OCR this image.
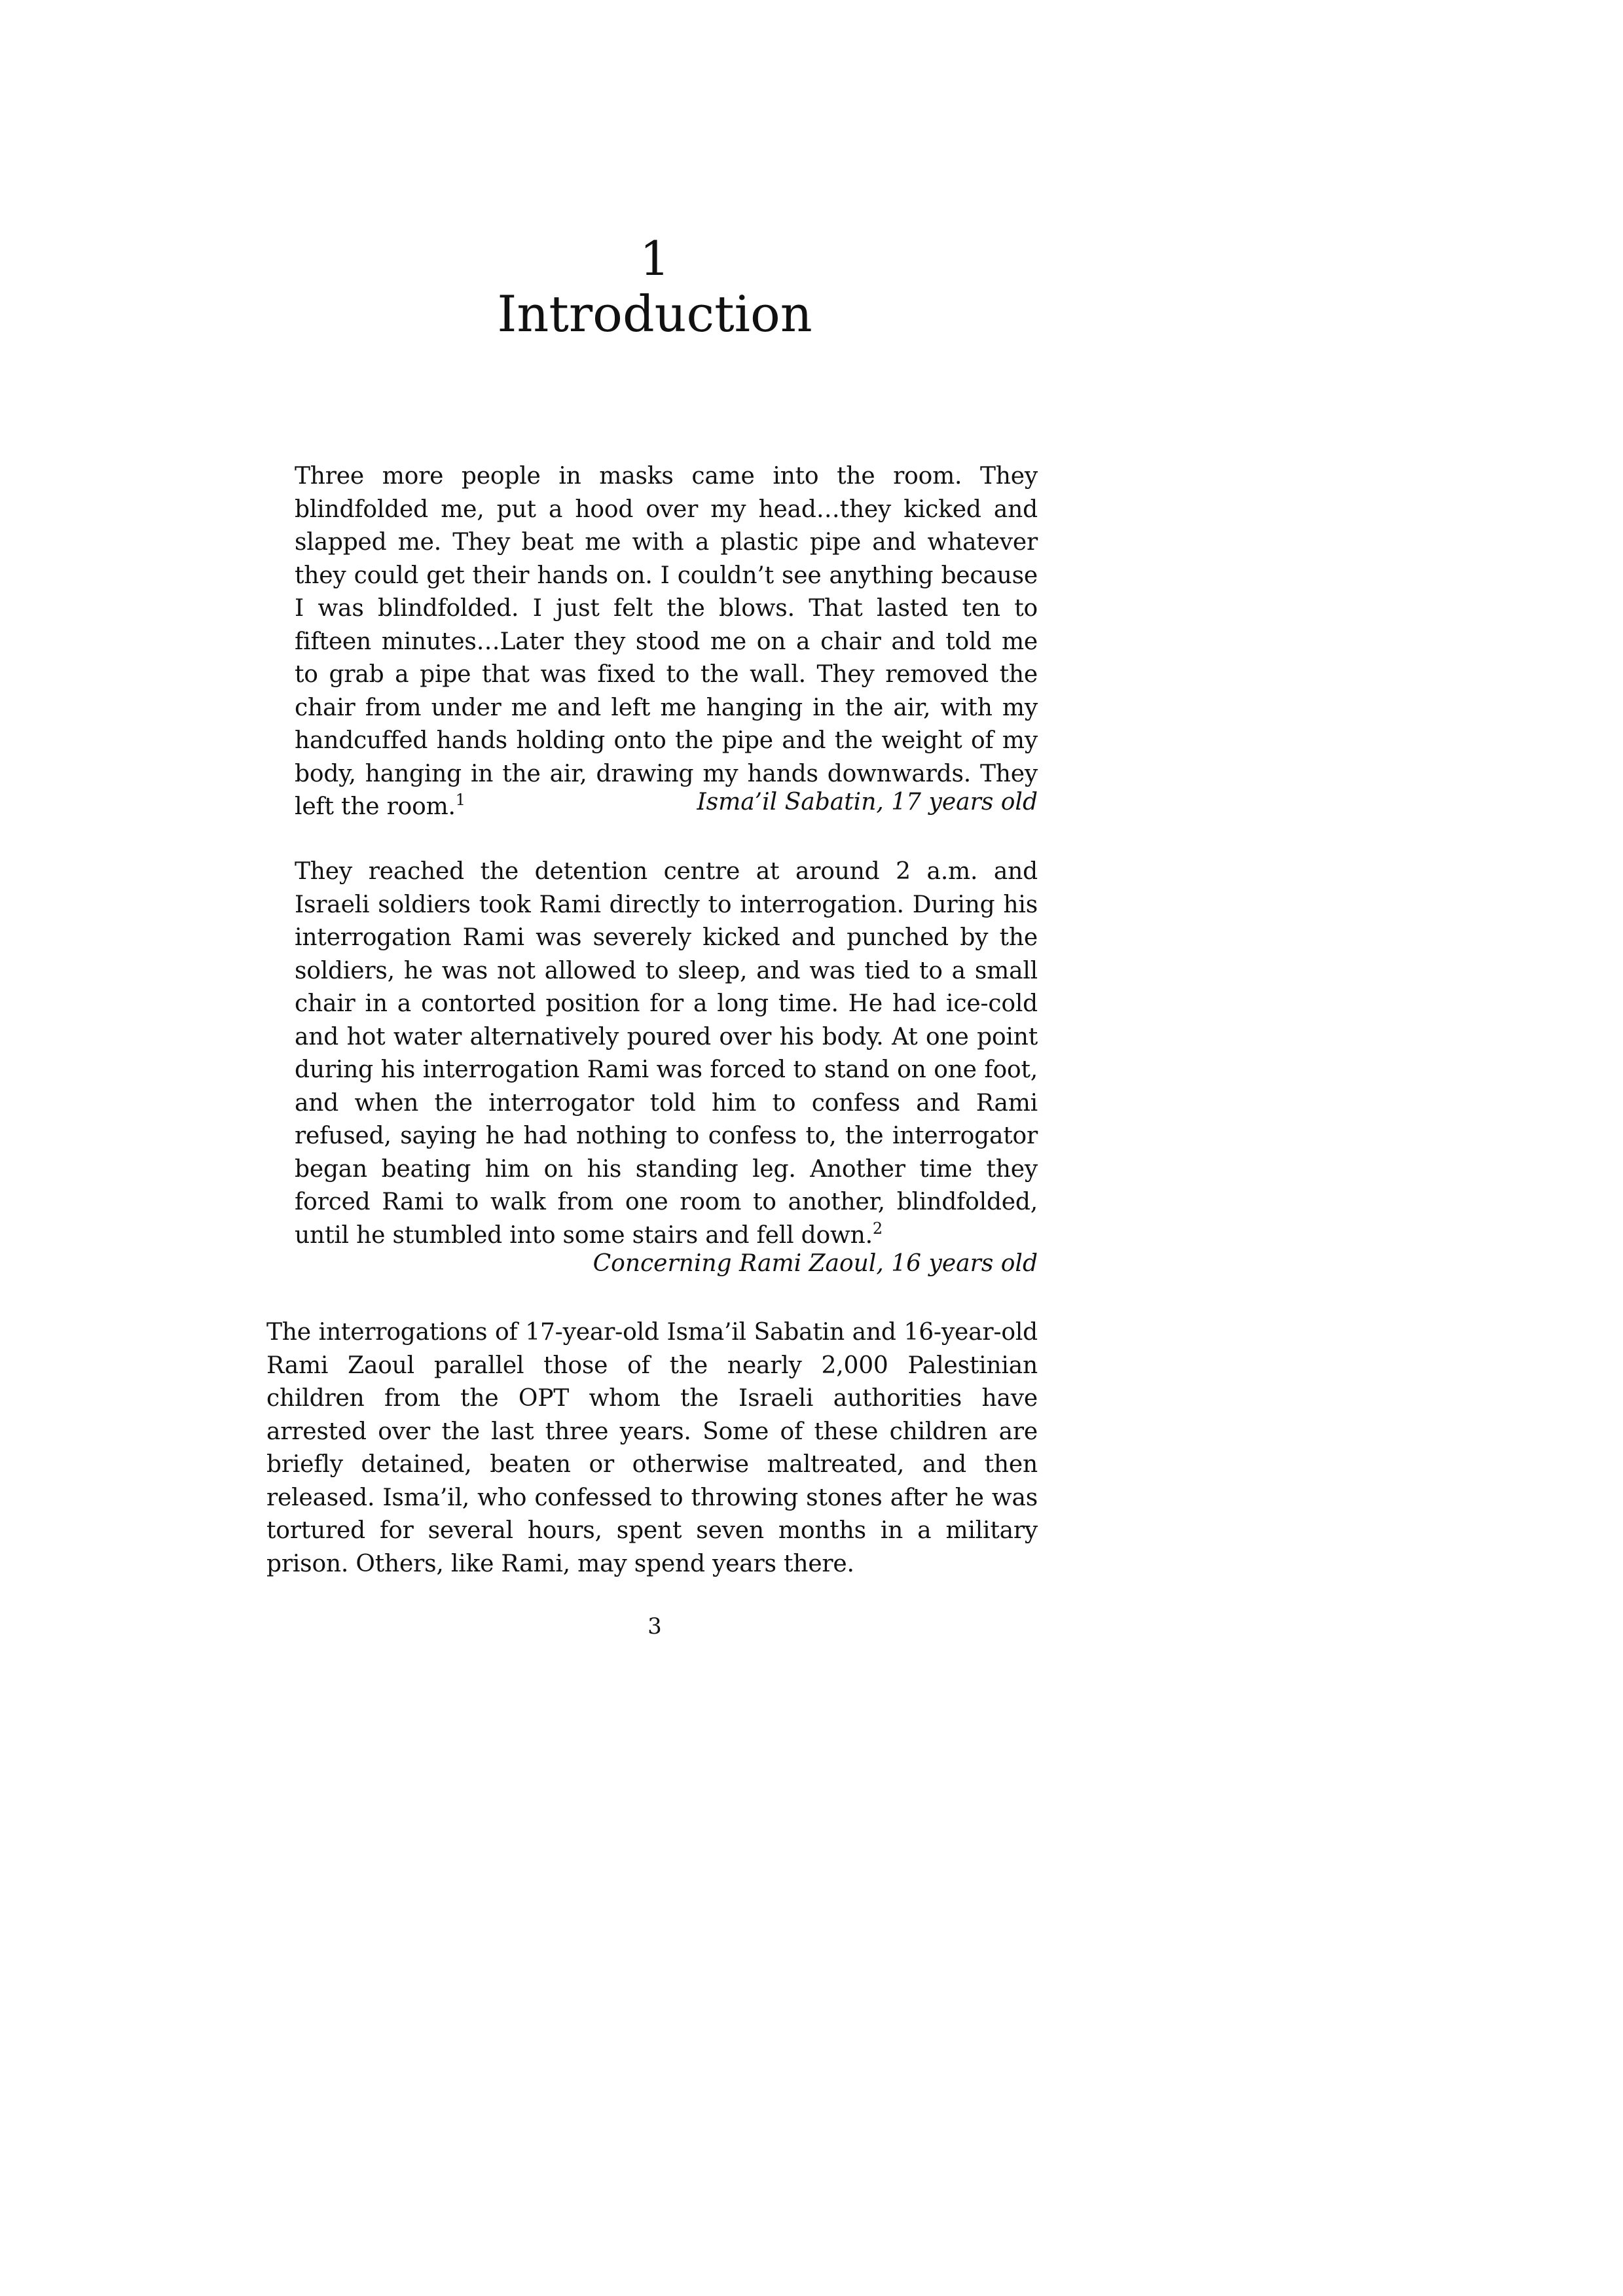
1
Introduction

Three more people in masks came into the room. They blindfolded me, put a hood over my head…they kicked and slapped me. They beat me with a plastic pipe and whatever they could get their hands on. I couldn’t see anything because I was blindfolded. I just felt the blows. That lasted ten to fifteen minutes…Later they stood me on a chair and told me to grab a pipe that was fixed to the wall. They removed the chair from under me and left me hanging in the air, with my handcuffed hands holding onto the pipe and the weight of my body, hanging in the air, drawing my hands downwards. They left the room.$^1$	Isma’il Sabatin, 17 years old

They reached the detention centre at around 2 a.m. and Israeli soldiers took Rami directly to interrogation. During his interrogation Rami was severely kicked and punched by the soldiers, he was not allowed to sleep, and was tied to a small chair in a contorted position for a long time. He had ice-cold and hot water alternatively poured over his body. At one point during his interrogation Rami was forced to stand on one foot, and when the interrogator told him to confess and Rami refused, saying he had nothing to confess to, the interrogator began beating him on his standing leg. Another time they forced Rami to walk from one room to another, blindfolded, until he stumbled into some stairs and fell down.$^2$

Concerning Rami Zaoul, 16 years old

The interrogations of 17-year-old Isma’il Sabatin and 16-year-old Rami Zaoul parallel those of the nearly 2,000 Palestinian children from the OPT whom the Israeli authorities have arrested over the last three years. Some of these children are briefly detained, beaten or otherwise maltreated, and then released. Isma’il, who confessed to throwing stones after he was tortured for several hours, spent seven months in a military prison. Others, like Rami, may spend years there.

3
